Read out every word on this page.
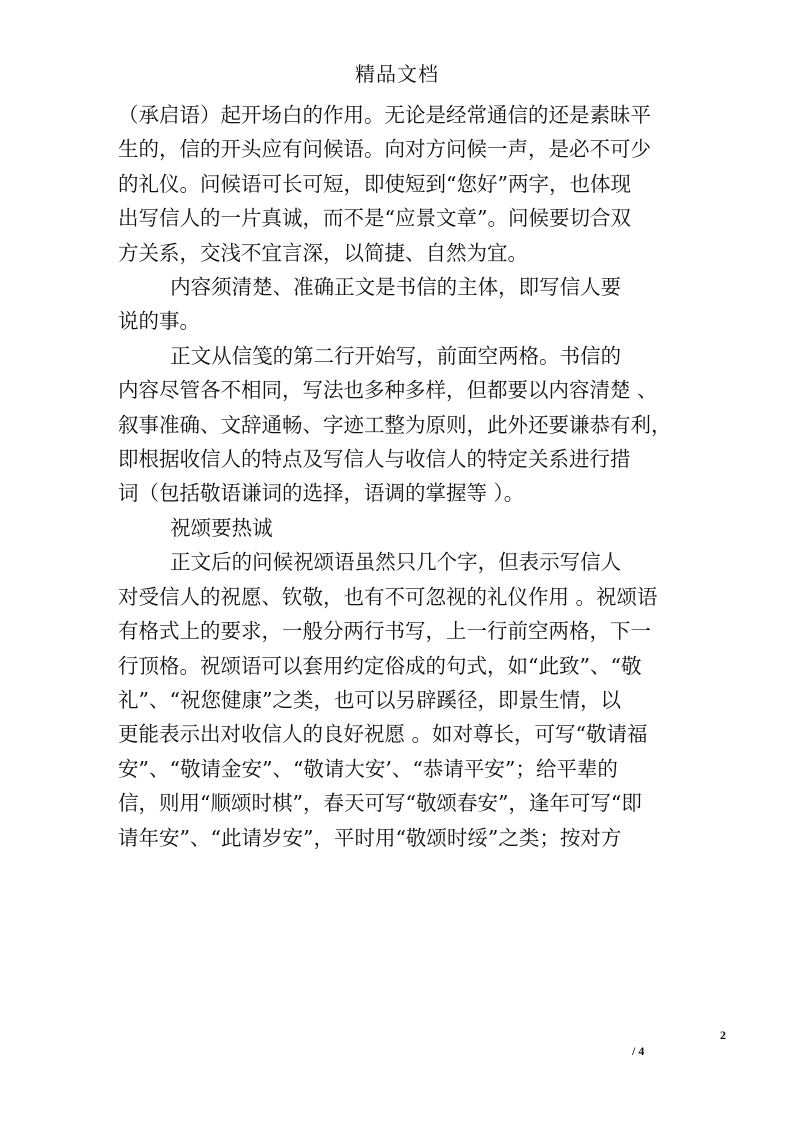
精品文档
（承启语）起开场白的作用。无论是经常通信的还是素昧平
生的，信的开头应有问候语。向对方问候一声，是必不可少
的礼仪。问候语可长可短，即使短到“您好”两字，也体现
出写信人的一片真诚，而不是“应景文章”。问候要切合双
方关系，交浅不宜言深，以简捷、自然为宜。
内容须清楚、准确正文是书信的主体，即写信人要
说的事。
正文从信笺的第二行开始写，前面空两格。书信的
内容尽管各不相同，写法也多种多样，但都要以内容清楚 、
叙事准确、文辞通畅、字迹工整为原则，此外还要谦恭有利，
即根据收信人的特点及写信人与收信人的特定关系进行措
词（包括敬语谦词的选择，语调的掌握等 ）。
祝颂要热诚
正文后的问候祝颂语虽然只几个字，但表示写信人
对受信人的祝愿、钦敬，也有不可忽视的礼仪作用 。祝颂语
有格式上的要求，一般分两行书写，上一行前空两格，下一
行顶格。祝颂语可以套用约定俗成的句式，如“此致”、“敬
礼”、“祝您健康”之类，也可以另辟蹊径，即景生情，以
更能表示出对收信人的良好祝愿 。如对尊长，可写“敬请福
安”、“敬请金安”、“敬请大安’、“恭请平安”；给平辈的
信，则用“顺颂时棋”，春天可写“敬颂春安”，逢年可写“即
请年安”、“此请岁安”，平时用“敬颂时绥”之类；按对方
2
/ 4
